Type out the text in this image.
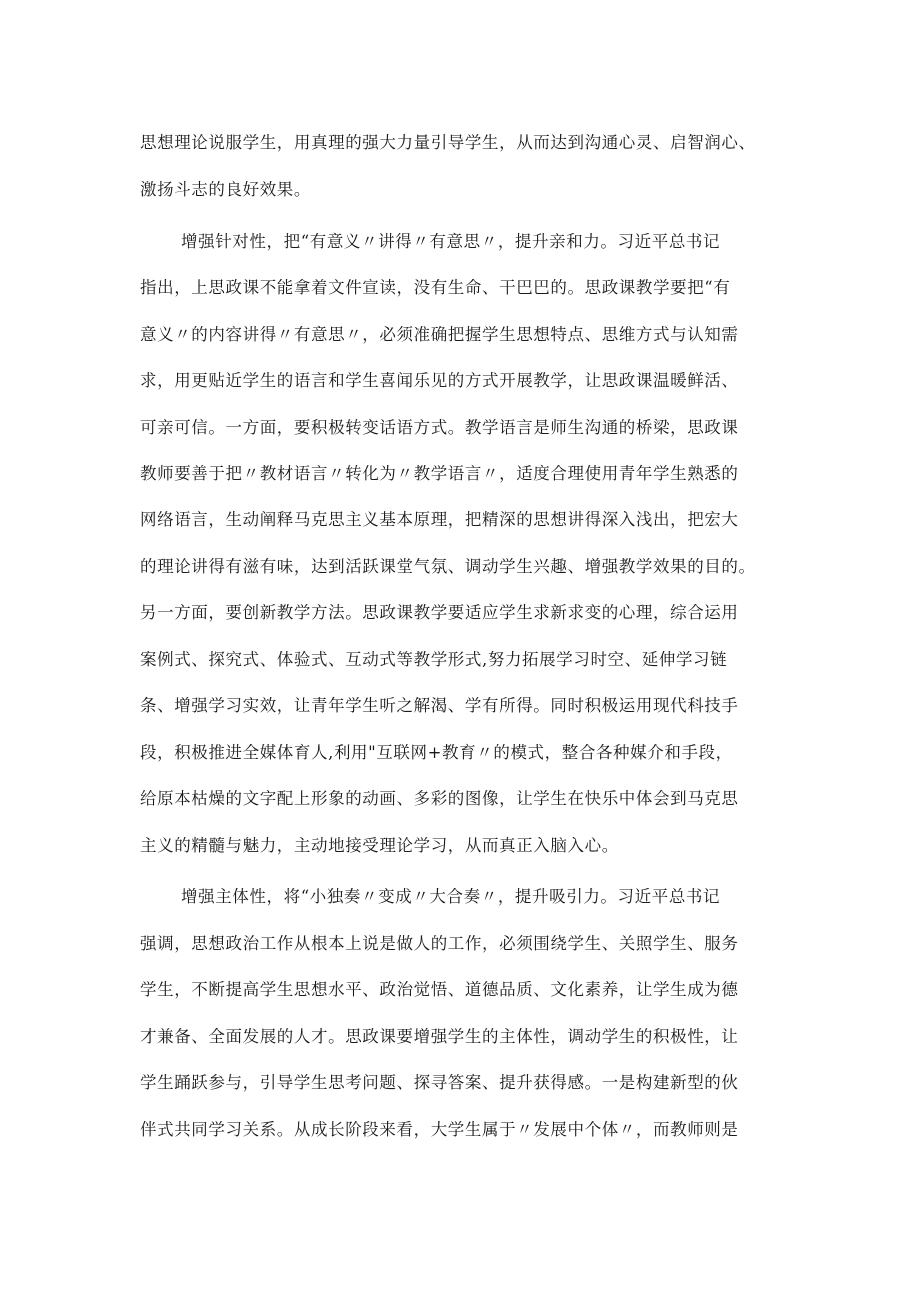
思想理论说服学生，用真理的强大力量引导学生，从而达到沟通心灵、启智润心、

激扬斗志的良好效果。

增强针对性，把“有意义〃讲得〃有意思〃，提升亲和力。习近平总书记

指出，上思政课不能拿着文件宣读，没有生命、干巴巴的。思政课教学要把“有

意义〃的内容讲得〃有意思〃，必须准确把握学生思想特点、思维方式与认知需

求，用更贴近学生的语言和学生喜闻乐见的方式开展教学，让思政课温暖鲜活、

可亲可信。一方面，要积极转变话语方式。教学语言是师生沟通的桥梁，思政课

教师要善于把〃教材语言〃转化为〃教学语言〃，适度合理使用青年学生熟悉的

网络语言，生动阐释马克思主义基本原理，把精深的思想讲得深入浅出，把宏大

的理论讲得有滋有味，达到活跃课堂气氛、调动学生兴趣、增强教学效果的目的。

另一方面，要创新教学方法。思政课教学要适应学生求新求变的心理，综合运用

案例式、探究式、体验式、互动式等教学形式,努力拓展学习时空、延伸学习链

条、增强学习实效，让青年学生听之解渴、学有所得。同时积极运用现代科技手

段，积极推进全媒体育人,利用"互联网+教育〃的模式，整合各种媒介和手段，

给原本枯燥的文字配上形象的动画、多彩的图像，让学生在快乐中体会到马克思

主义的精髓与魅力，主动地接受理论学习，从而真正入脑入心。

增强主体性，将“小独奏〃变成〃大合奏〃，提升吸引力。习近平总书记

强调，思想政治工作从根本上说是做人的工作，必须围绕学生、关照学生、服务

学生，不断提高学生思想水平、政治觉悟、道德品质、文化素养，让学生成为德

才兼备、全面发展的人才。思政课要增强学生的主体性，调动学生的积极性，让

学生踊跃参与，引导学生思考问题、探寻答案、提升获得感。一是构建新型的伙

伴式共同学习关系。从成长阶段来看，大学生属于〃发展中个体〃，而教师则是
